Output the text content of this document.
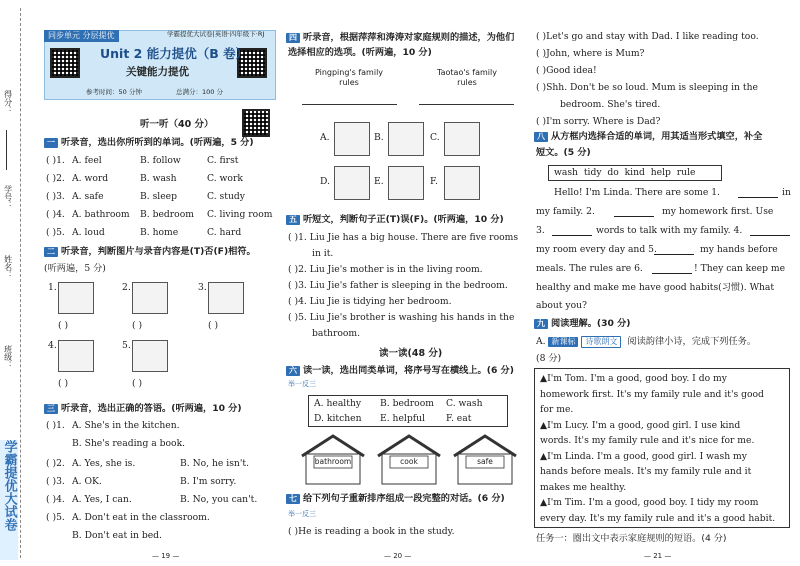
得分：
学号：
姓名：
班级：
学霸提优大试卷
同步单元 分层提优	学霸提优大试卷|英语·四年级下·RJ
Unit 2 能力提优（B 卷）
关键能力提优
参考时间：50 分钟	总满分：100 分
听一听（40 分）
一 听录音，选出你所听到的单词。(听两遍，5 分)
( )1. A. feel	B. follow	C. first
( )2. A. word	B. wash	C. work
( )3. A. safe	B. sleep	C. study
( )4. A. bathroom B. bedroom C. living room
( )5. A. loud	B. home	C. hard
二 听录音，判断图片与录音内容是(T)否(F)相符。
(听两遍，5 分)
1.
( )
2.
( )
3.
( )
4.
( )
5.
( )
三 听录音，选出正确的答语。(听两遍，10 分)
( )1. A. She's in the kitchen.
B. She's reading a book.
( )2. A. Yes, she is.	B. No, he isn't.
( )3. A. OK.	B. I'm sorry.
( )4. A. Yes, I can.	B. No, you can't.
( )5. A. Don't eat in the classroom.
B. Don't eat in bed.
— 19 —
四 听录音，根据萍萍和涛涛对家庭规则的描述，为他们
选择相应的选项。(听两遍，10 分)
Pingping's family rules
Taotao's family rules
A.	B.	C.
D.	E.	F.
五 听短文，判断句子正(T)误(F)。(听两遍，10 分)
( )1. Liu Jie has a big house. There are five rooms
in it.
( )2. Liu Jie's mother is in the living room.
( )3. Liu Jie's father is sleeping in the bedroom.
( )4. Liu Jie is tidying her bedroom.
( )5. Liu Jie's brother is washing his hands in the
bathroom.
读一读(48 分)
六 读一读，选出同类单词，将序号写在横线上。(6 分)
举一反三
A. healthy B. bedroom C. wash
D. kitchen E. helpful F. eat
bathroom	cook	safe
七 给下列句子重新排序组成一段完整的对话。(6 分)
举一反三
( )He is reading a book in the study.
— 20 —
( )Let's go and stay with Dad. I like reading too.
( )John, where is Mum?
( )Good idea!
( )Shh. Don't be so loud. Mum is sleeping in the
bedroom. She's tired.
( )I'm sorry. Where is Dad?
八 从方框内选择合适的单词，用其适当形式填空，补全
短文。(5 分)
wash  tidy  do  kind  help  rule
Hello! I'm Linda. There are some 1.	in
my family. 2.	my homework first. Use
3.	words to talk with my family. 4.
my room every day and 5.	my hands before
meals. The rules are 6.	! They can keep me
healthy and make me have good habits(习惯). What
about you?
九 阅读理解。(30 分)
A. 新课标 诗歌朗文 阅读韵律小诗，完成下列任务。
(8 分)
▲I'm Tom. I'm a good, good boy. I do my
homework first. It's my family rule and it's good
for me.
▲I'm Lucy. I'm a good, good girl. I use kind
words. It's my family rule and it's nice for me.
▲I'm Linda. I'm a good, good girl. I wash my
hands before meals. It's my family rule and it
makes me healthy.
▲I'm Tim. I'm a good, good boy. I tidy my room
every day. It's my family rule and it's a good habit.
任务一：圈出文中表示家庭规则的短语。(4 分)
— 21 —
